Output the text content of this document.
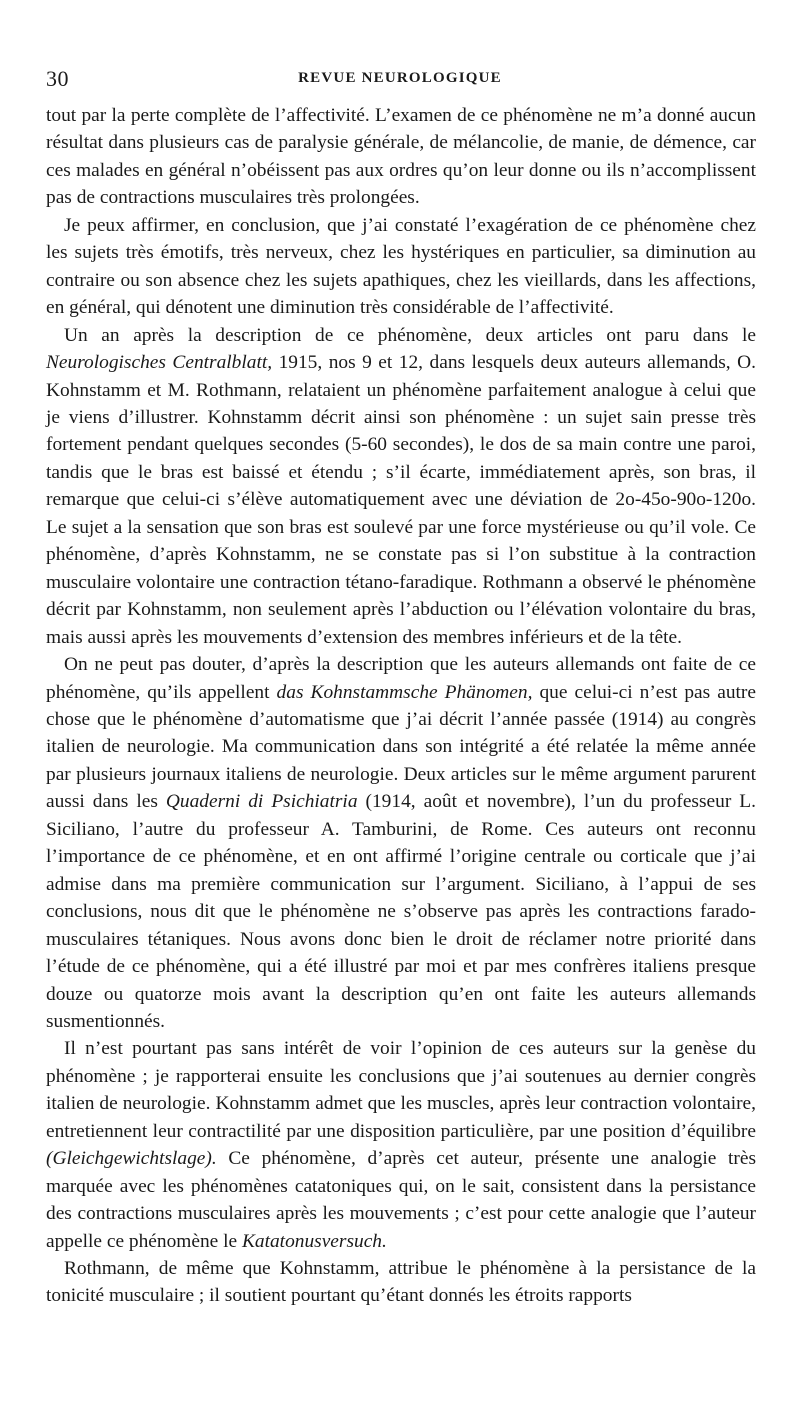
30	REVUE NEUROLOGIQUE

tout par la perte complète de l’affectivité. L’examen de ce phénomène ne m’a donné aucun résultat dans plusieurs cas de paralysie générale, de mélancolie, de manie, de démence, car ces malades en général n’obéissent pas aux ordres qu’on leur donne ou ils n’accomplissent pas de contractions musculaires très prolongées.

Je peux affirmer, en conclusion, que j’ai constaté l’exagération de ce phénomène chez les sujets très émotifs, très nerveux, chez les hystériques en particulier, sa diminution au contraire ou son absence chez les sujets apathiques, chez les vieillards, dans les affections, en général, qui dénotent une diminution très considérable de l’affectivité.

Un an après la description de ce phénomène, deux articles ont paru dans le Neurologisches Centralblatt, 1915, nos 9 et 12, dans lesquels deux auteurs allemands, O. Kohnstamm et M. Rothmann, relataient un phénomène parfaitement analogue à celui que je viens d’illustrer. Kohnstamm décrit ainsi son phénomène : un sujet sain presse très fortement pendant quelques secondes (5-60 secondes), le dos de sa main contre une paroi, tandis que le bras est baissé et étendu ; s’il écarte, immédiatement après, son bras, il remarque que celui-ci s’élève automatiquement avec une déviation de 2o-45o-90o-120o. Le sujet a la sensation que son bras est soulevé par une force mystérieuse ou qu’il vole. Ce phénomène, d’après Kohnstamm, ne se constate pas si l’on substitue à la contraction musculaire volontaire une contraction tétano-faradique. Rothmann a observé le phénomène décrit par Kohnstamm, non seulement après l’abduction ou l’élévation volontaire du bras, mais aussi après les mouvements d’extension des membres inférieurs et de la tête.

On ne peut pas douter, d’après la description que les auteurs allemands ont faite de ce phénomène, qu’ils appellent das Kohnstammsche Phänomen, que celui-ci n’est pas autre chose que le phénomène d’automatisme que j’ai décrit l’année passée (1914) au congrès italien de neurologie. Ma communication dans son intégrité a été relatée la même année par plusieurs journaux italiens de neurologie. Deux articles sur le même argument parurent aussi dans les Quaderni di Psichiatria (1914, août et novembre), l’un du professeur L. Siciliano, l’autre du professeur A. Tamburini, de Rome. Ces auteurs ont reconnu l’importance de ce phénomène, et en ont affirmé l’origine centrale ou corticale que j’ai admise dans ma première communication sur l’argument. Siciliano, à l’appui de ses conclusions, nous dit que le phénomène ne s’observe pas après les contractions farado-musculaires tétaniques. Nous avons donc bien le droit de réclamer notre priorité dans l’étude de ce phénomène, qui a été illustré par moi et par mes confrères italiens presque douze ou quatorze mois avant la description qu’en ont faite les auteurs allemands susmentionnés.

Il n’est pourtant pas sans intérêt de voir l’opinion de ces auteurs sur la genèse du phénomène ; je rapporterai ensuite les conclusions que j’ai soutenues au dernier congrès italien de neurologie. Kohnstamm admet que les muscles, après leur contraction volontaire, entretiennent leur contractilité par une disposition particulière, par une position d’équilibre (Gleichgewichtslage). Ce phénomène, d’après cet auteur, présente une analogie très marquée avec les phénomènes catatoniques qui, on le sait, consistent dans la persistance des contractions musculaires après les mouvements ; c’est pour cette analogie que l’auteur appelle ce phénomène le Katatonusversuch.

Rothmann, de même que Kohnstamm, attribue le phénomène à la persistance de la tonicité musculaire ; il soutient pourtant qu’étant donnés les étroits rapports
